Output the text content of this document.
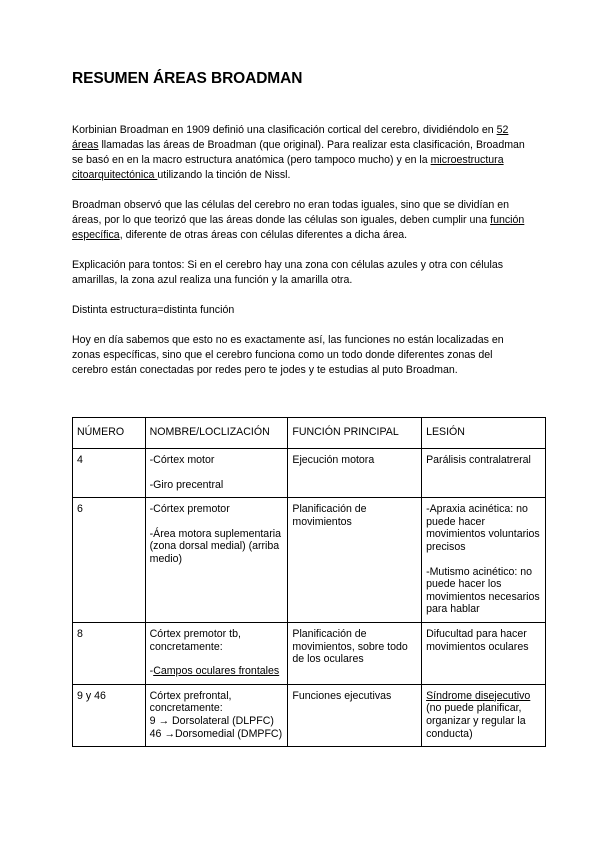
RESUMEN ÁREAS BROADMAN

Korbinian Broadman en 1909 definió una clasificación cortical del cerebro, dividiéndolo en 52 áreas llamadas las áreas de Broadman (que original). Para realizar esta clasificación, Broadman se basó en en la macro estructura anatómica (pero tampoco mucho) y en la microestructura citoarquitectónica utilizando la tinción de Nissl.

Broadman observó que las células del cerebro no eran todas iguales, sino que se dividían en áreas, por lo que teorizó que las áreas donde las células son iguales, deben cumplir una función específica, diferente de otras áreas con células diferentes a dicha área.

Explicación para tontos: Si en el cerebro hay una zona con células azules y otra con células amarillas, la zona azul realiza una función y la amarilla otra.

Distinta estructura=distinta función

Hoy en día sabemos que esto no es exactamente así, las funciones no están localizadas en zonas específicas, sino que el cerebro funciona como un todo donde diferentes zonas del cerebro están conectadas por redes pero te jodes y te estudias al puto Broadman.

NÚMERO	NOMBRE/LOCLIZACIÓN	FUNCIÓN PRINCIPAL	LESIÓN
4	-Córtex motor
-Giro precentral	Ejecución motora	Parálisis contralatreral
6	-Córtex premotor
-Área motora suplementaria (zona dorsal medial) (arriba medio)	Planificación de movimientos	-Apraxia acinética: no puede hacer movimientos voluntarios precisos
-Mutismo acinético: no puede hacer los movimientos necesarios para hablar

8	Córtex premotor tb, concretamente:
-Campos oculares frontales	Planificación de movimientos, sobre todo de los oculares	Difucultad para hacer movimientos oculares
9 y 46	Córtex prefrontal, concretamente:
9 → Dorsolateral (DLPFC)
46 →Dorsomedial (DMPFC)	Funciones ejecutivas	Síndrome disejecutivo (no puede planificar, organizar y regular la conducta)
